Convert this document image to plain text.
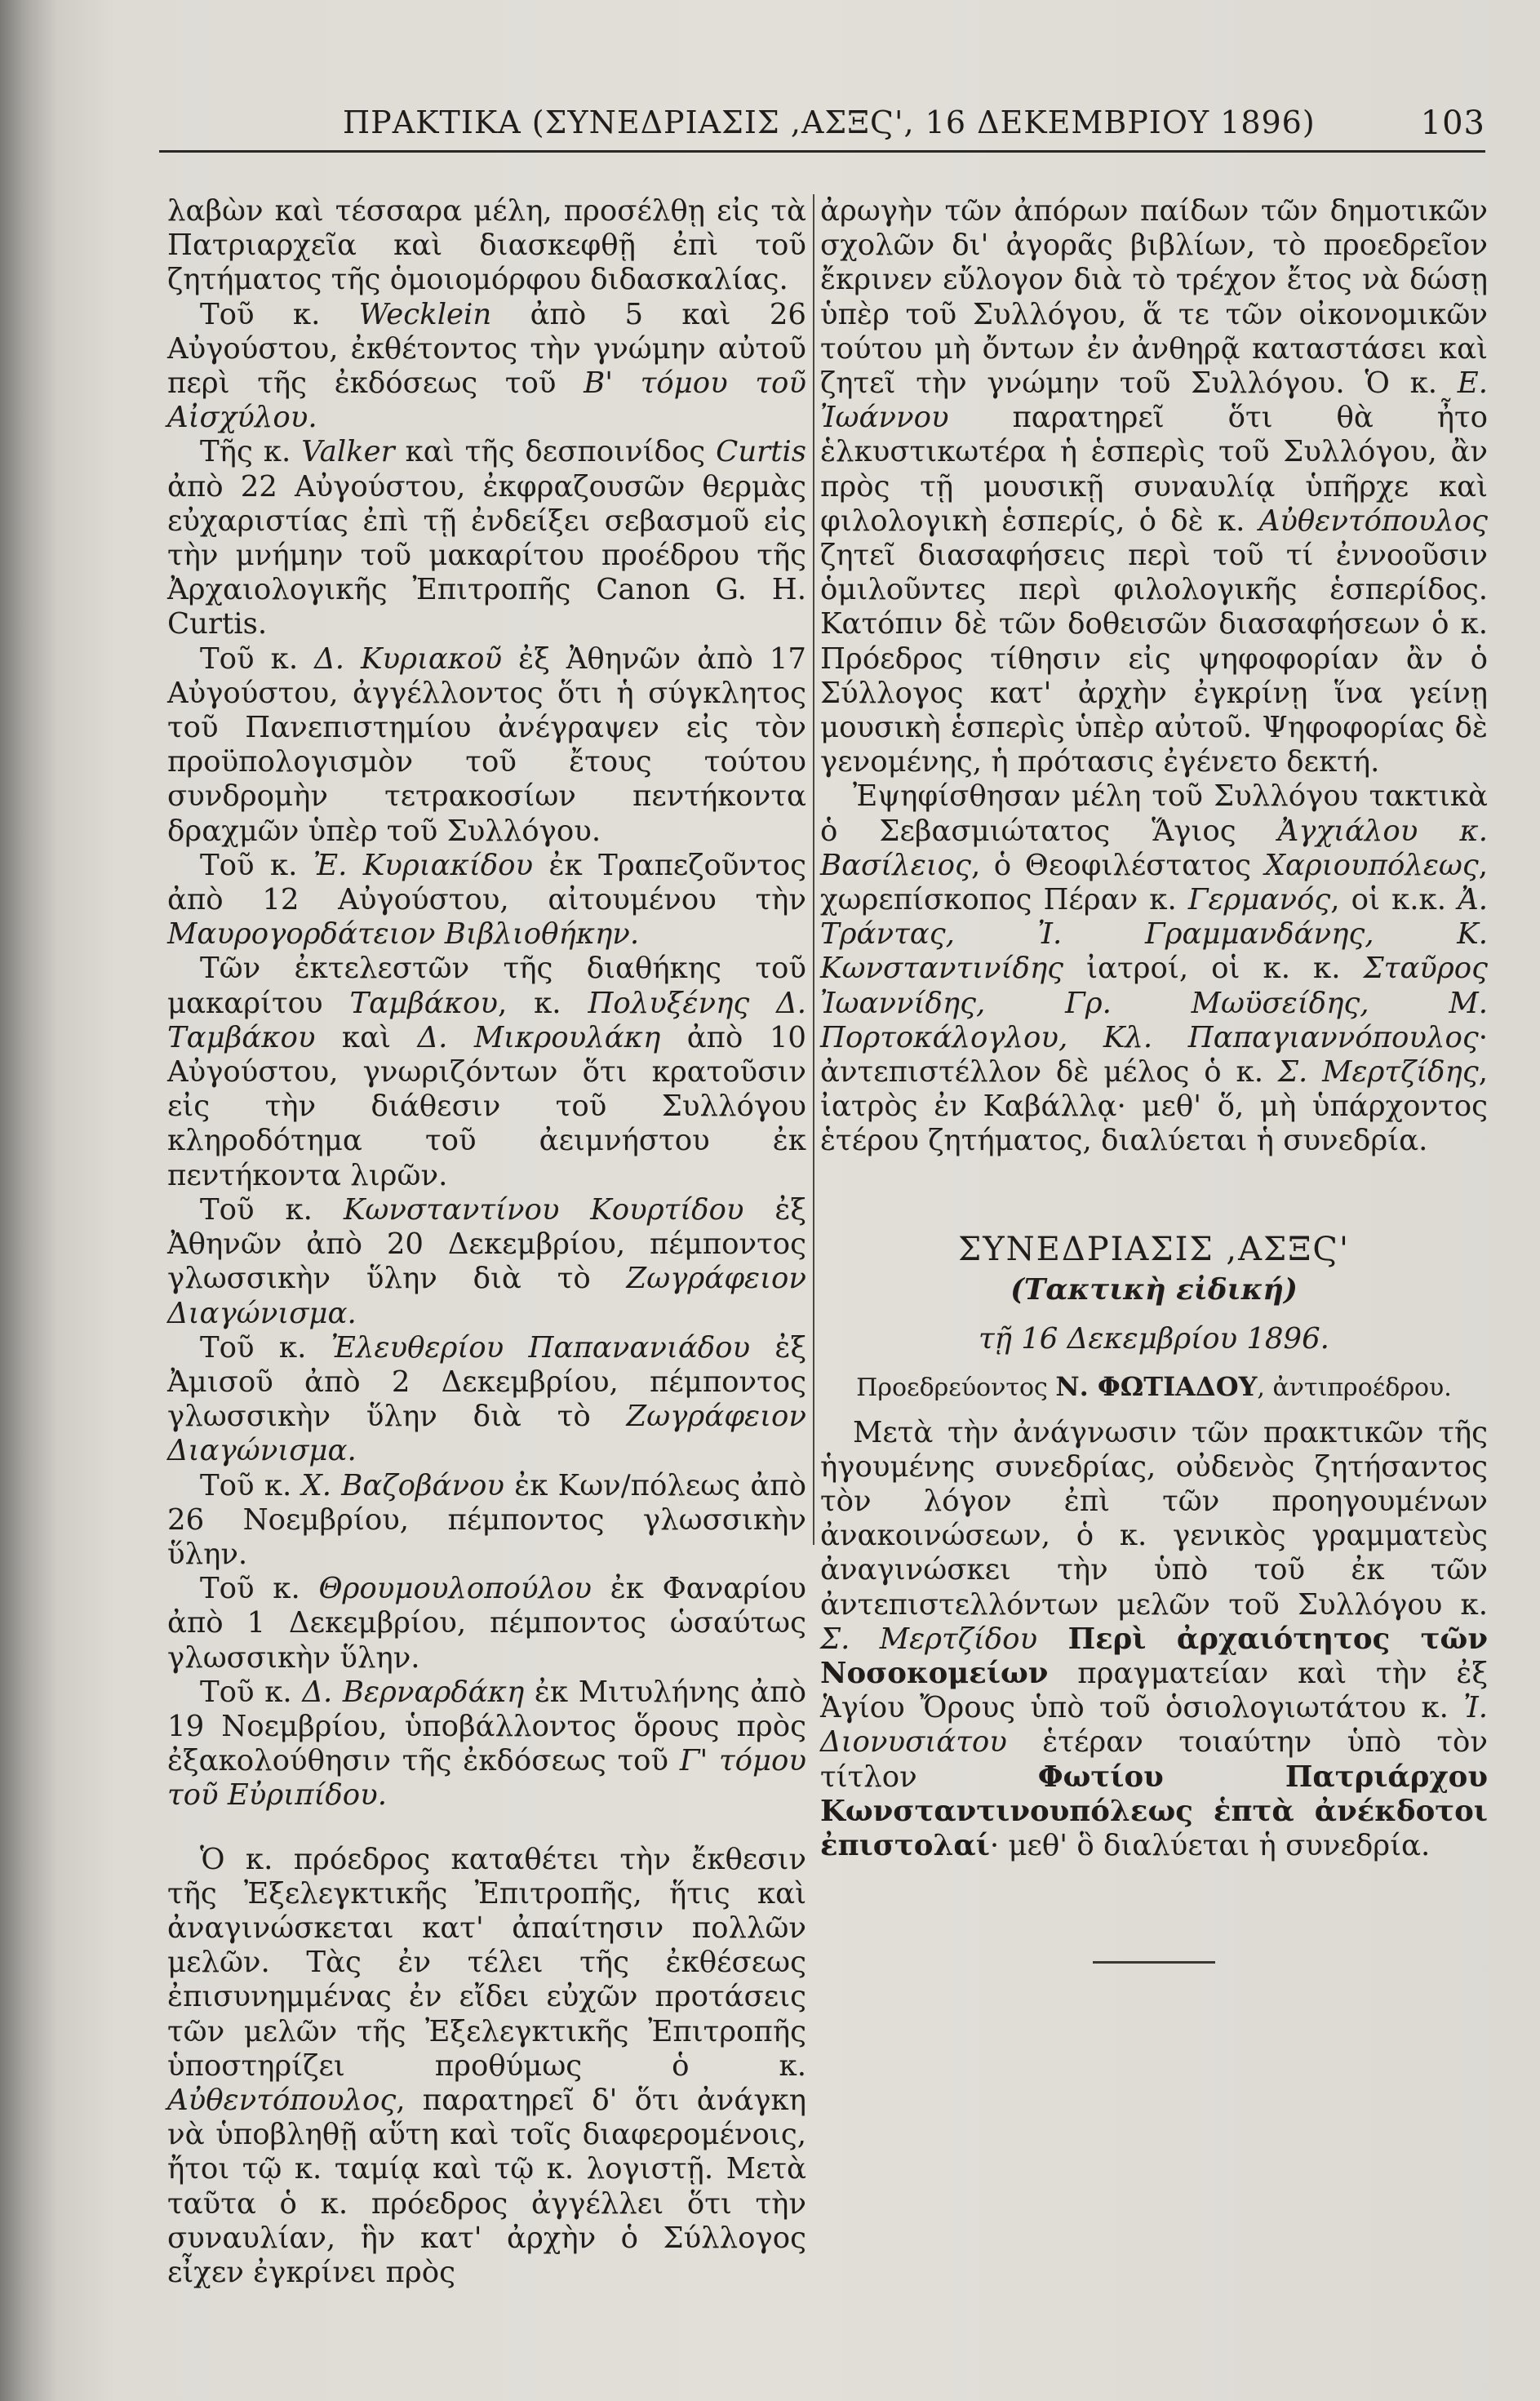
ΠΡΑΚΤΙΚΑ (ΣΥΝΕΔΡΙΑΣΙΣ ,ΑΣΞϚ', 16 ΔΕΚΕΜΒΡΙΟΥ 1896)	103

λαβὼν καὶ τέσσαρα μέλη, προσέλθῃ εἰς τὰ Πατριαρχεῖα καὶ διασκεφθῇ ἐπὶ τοῦ ζητήματος τῆς ὁμοιομόρφου διδασκαλίας.

Τοῦ κ. Wecklein ἀπὸ 5 καὶ 26 Αὐγούστου, ἐκθέτοντος τὴν γνώμην αὐτοῦ περὶ τῆς ἐκδόσεως τοῦ Β' τόμου τοῦ Αἰσχύλου.

Τῆς κ. Valker καὶ τῆς δεσποινίδος Curtis ἀπὸ 22 Αὐγούστου, ἐκφραζουσῶν θερμὰς εὐχαριστίας ἐπὶ τῇ ἐνδείξει σεβασμοῦ εἰς τὴν μνήμην τοῦ μακαρίτου προέδρου τῆς Ἀρχαιολογικῆς Ἐπιτροπῆς Canon G. H. Curtis.

Τοῦ κ. Δ. Κυριακοῦ ἐξ Ἀθηνῶν ἀπὸ 17 Αὐγούστου, ἀγγέλλοντος ὅτι ἡ σύγκλητος τοῦ Πανεπιστημίου ἀνέγραψεν εἰς τὸν προϋπολογισμὸν τοῦ ἔτους τούτου συνδρομὴν τετρακοσίων πεντήκοντα δραχμῶν ὑπὲρ τοῦ Συλλόγου.

Τοῦ κ. Ἐ. Κυριακίδου ἐκ Τραπεζοῦντος ἀπὸ 12 Αὐγούστου, αἰτουμένου τὴν Μαυρογορδάτειον Βιβλιοθήκην.

Τῶν ἐκτελεστῶν τῆς διαθήκης τοῦ μακαρίτου Ταμβάκου, κ. Πολυξένης Δ. Ταμβάκου καὶ Δ. Μικρουλάκη ἀπὸ 10 Αὐγούστου, γνωριζόντων ὅτι κρατοῦσιν εἰς τὴν διάθεσιν τοῦ Συλλόγου κληροδότημα τοῦ ἀειμνήστου ἐκ πεντήκοντα λιρῶν.

Τοῦ κ. Κωνσταντίνου Κουρτίδου ἐξ Ἀθηνῶν ἀπὸ 20 Δεκεμβρίου, πέμποντος γλωσσικὴν ὕλην διὰ τὸ Ζωγράφειον Διαγώνισμα.

Τοῦ κ. Ἐλευθερίου Παπανανιάδου ἐξ Ἀμισοῦ ἀπὸ 2 Δεκεμβρίου, πέμποντος γλωσσικὴν ὕλην διὰ τὸ Ζωγράφειον Διαγώνισμα.

Τοῦ κ. Χ. Βαζοβάνου ἐκ Κων/πόλεως ἀπὸ 26 Νοεμβρίου, πέμποντος γλωσσικὴν ὕλην.

Τοῦ κ. Θρουμουλοπούλου ἐκ Φαναρίου ἀπὸ 1 Δεκεμβρίου, πέμποντος ὡσαύτως γλωσσικὴν ὕλην.

Τοῦ κ. Δ. Βερναρδάκη ἐκ Μιτυλήνης ἀπὸ 19 Νοεμβρίου, ὑποβάλλοντος ὅρους πρὸς ἐξακολούθησιν τῆς ἐκδόσεως τοῦ Γ' τόμου τοῦ Εὐριπίδου.

Ὁ κ. πρόεδρος καταθέτει τὴν ἔκθεσιν τῆς Ἐξελεγκτικῆς Ἐπιτροπῆς, ἥτις καὶ ἀναγινώσκεται κατ' ἀπαίτησιν πολλῶν μελῶν. Τὰς ἐν τέλει τῆς ἐκθέσεως ἐπισυνημμένας ἐν εἴδει εὐχῶν προτάσεις τῶν μελῶν τῆς Ἐξελεγκτικῆς Ἐπιτροπῆς ὑποστηρίζει προθύμως ὁ κ. Αὐθεντόπουλος, παρατηρεῖ δ' ὅτι ἀνάγκη νὰ ὑποβληθῇ αὕτη καὶ τοῖς διαφερομένοις, ἤτοι τῷ κ. ταμίᾳ καὶ τῷ κ. λογιστῇ. Μετὰ ταῦτα ὁ κ. πρόεδρος ἀγγέλλει ὅτι τὴν συναυλίαν, ἣν κατ' ἀρχὴν ὁ Σύλλογος εἶχεν ἐγκρίνει πρὸς

ἀρωγὴν τῶν ἀπόρων παίδων τῶν δημοτικῶν σχολῶν δι' ἀγορᾶς βιβλίων, τὸ προεδρεῖον ἔκρινεν εὔλογον διὰ τὸ τρέχον ἔτος νὰ δώσῃ ὑπὲρ τοῦ Συλλόγου, ἅ τε τῶν οἰκονομικῶν τούτου μὴ ὄντων ἐν ἀνθηρᾷ καταστάσει καὶ ζητεῖ τὴν γνώμην τοῦ Συλλόγου. Ὁ κ. Ε. Ἰωάννου παρατηρεῖ ὅτι θὰ ἦτο ἑλκυστικωτέρα ἡ ἑσπερὶς τοῦ Συλλόγου, ἂν πρὸς τῇ μουσικῇ συναυλίᾳ ὑπῆρχε καὶ φιλολογικὴ ἑσπερίς, ὁ δὲ κ. Αὐθεντόπουλος ζητεῖ διασαφήσεις περὶ τοῦ τί ἐννοοῦσιν ὁμιλοῦντες περὶ φιλολογικῆς ἑσπερίδος. Κατόπιν δὲ τῶν δοθεισῶν διασαφήσεων ὁ κ. Πρόεδρος τίθησιν εἰς ψηφοφορίαν ἂν ὁ Σύλλογος κατ' ἀρχὴν ἐγκρίνῃ ἵνα γείνῃ μουσικὴ ἑσπερὶς ὑπὲρ αὐτοῦ. Ψηφοφορίας δὲ γενομένης, ἡ πρότασις ἐγένετο δεκτή.

Ἐψηφίσθησαν μέλη τοῦ Συλλόγου τακτικὰ ὁ Σεβασμιώτατος Ἅγιος Ἀγχιάλου κ. Βασίλειος, ὁ Θεοφιλέστατος Χαριουπόλεως, χωρεπίσκοπος Πέραν κ. Γερμανός, οἱ κ.κ. Ἀ. Τράντας, Ἰ. Γραμμανδάνης, Κ. Κωνσταντινίδης ἰατροί, οἱ κ. κ. Σταῦρος Ἰωαννίδης, Γρ. Μωϋσείδης, Μ. Πορτοκάλογλου, Κλ. Παπαγιαννόπουλος· ἀντεπιστέλλον δὲ μέλος ὁ κ. Σ. Μερτζίδης, ἰατρὸς ἐν Καβάλλᾳ· μεθ' ὅ, μὴ ὑπάρχοντος ἑτέρου ζητήματος, διαλύεται ἡ συνεδρία.

ΣΥΝΕΔΡΙΑΣΙΣ ,ΑΣΞϚ'

(Τακτικὴ εἰδική)

τῇ 16 Δεκεμβρίου 1896.

Προεδρεύοντος Ν. ΦΩΤΙΑΔΟΥ, ἀντιπροέδρου.

Μετὰ τὴν ἀνάγνωσιν τῶν πρακτικῶν τῆς ἡγουμένης συνεδρίας, οὐδενὸς ζητήσαντος τὸν λόγον ἐπὶ τῶν προηγουμένων ἀνακοινώσεων, ὁ κ. γενικὸς γραμματεὺς ἀναγινώσκει τὴν ὑπὸ τοῦ ἐκ τῶν ἀντεπιστελλόντων μελῶν τοῦ Συλλόγου κ. Σ. Μερτζίδου Περὶ ἀρχαιότητος τῶν Νοσοκομείων πραγματείαν καὶ τὴν ἐξ Ἁγίου Ὄρους ὑπὸ τοῦ ὁσιολογιωτάτου κ. Ἰ. Διονυσιάτου ἑτέραν τοιαύτην ὑπὸ τὸν τίτλον Φωτίου Πατριάρχου Κωνσταντινουπόλεως ἑπτὰ ἀνέκδοτοι ἐπιστολαί· μεθ' ὃ διαλύεται ἡ συνεδρία.
